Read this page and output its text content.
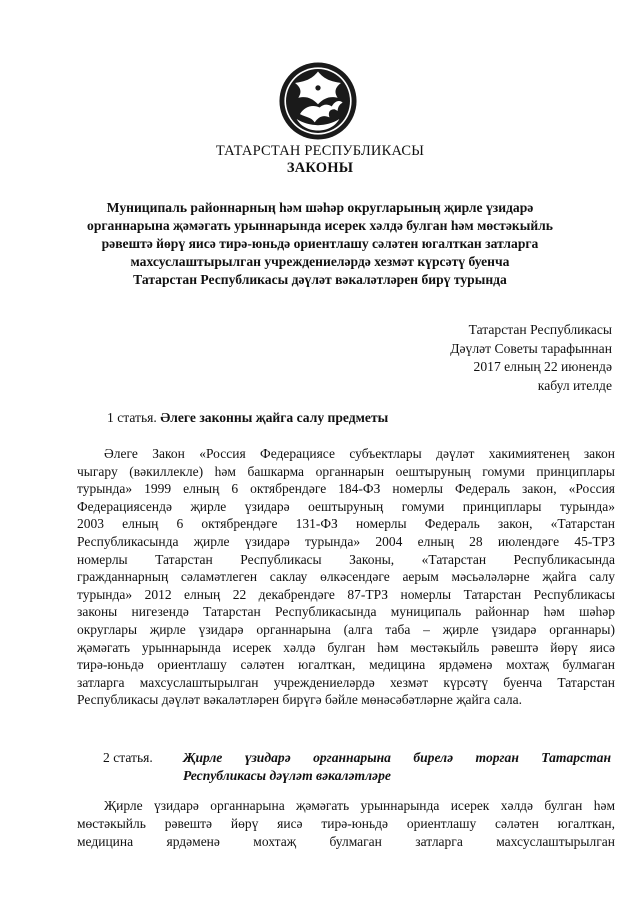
ТАТАРСТАН РЕСПУБЛИКАСЫ
ЗАКОНЫ
Муниципаль районнарның һәм шәһәр округларының җирле үзидарә
органнарына җәмәгать урыннарында исерек хәлдә булган һәм мөстәкыйль
рәвештә йөрү яисә тирә-юньдә ориентлашу сәләтен югалткан затларга
махсуслаштырылган учреждениеләрдә хезмәт күрсәтү буенча
Татарстан Республикасы дәүләт вәкаләтләрен бирү турында
Татарстан Республикасы
Дәүләт Советы тарафыннан
2017 елның 22 июнендә
кабул ителде
1 статья. Әлеге законны җайга салу предметы
Әлеге Закон «Россия Федерациясе субъектлары дәүләт хакимиятенең закон
чыгару (вәкиллекле) һәм башкарма органнарын оештыруның гомуми принциплары
турында» 1999 елның 6 октябрендәге 184-ФЗ номерлы Федераль закон, «Россия
Федерациясендә җирле үзидарә оештыруның гомуми принциплары турында»
2003 елның 6 октябрендәге 131-ФЗ номерлы Федераль закон, «Татарстан
Республикасында җирле үзидарә турында» 2004 елның 28 июлендәге 45-ТРЗ
номерлы Татарстан Республикасы Законы, «Татарстан Республикасында
гражданнарның сәламәтлеген саклау өлкәсендәге аерым мәсьәләләрне җайга салу
турында» 2012 елның 22 декабрендәге 87-ТРЗ номерлы Татарстан Республикасы
законы нигезендә Татарстан Республикасында муниципаль районнар һәм шәһәр
округлары җирле үзидарә органнарына (алга таба – җирле үзидарә органнары)
җәмәгать урыннарында исерек хәлдә булган һәм мөстәкыйль рәвештә йөрү яисә
тирә-юньдә ориентлашу сәләтен югалткан, медицина ярдәменә мохтаҗ булмаган
затларга махсуслаштырылган учреждениеләрдә хезмәт күрсәтү буенча Татарстан
Республикасы дәүләт вәкаләтләрен бирүгә бәйле мөнәсәбәтләрне җайга сала.
2 статья.	Җирле үзидарә органнарына бирелә торган Татарстан
Республикасы дәүләт вәкаләтләре
Җирле үзидарә органнарына җәмәгать урыннарында исерек хәлдә булган һәм
мөстәкыйль рәвештә йөрү яисә тирә-юньдә ориентлашу сәләтен югалткан,
медицина ярдәменә мохтаҗ булмаган затларга махсуслаштырылган
